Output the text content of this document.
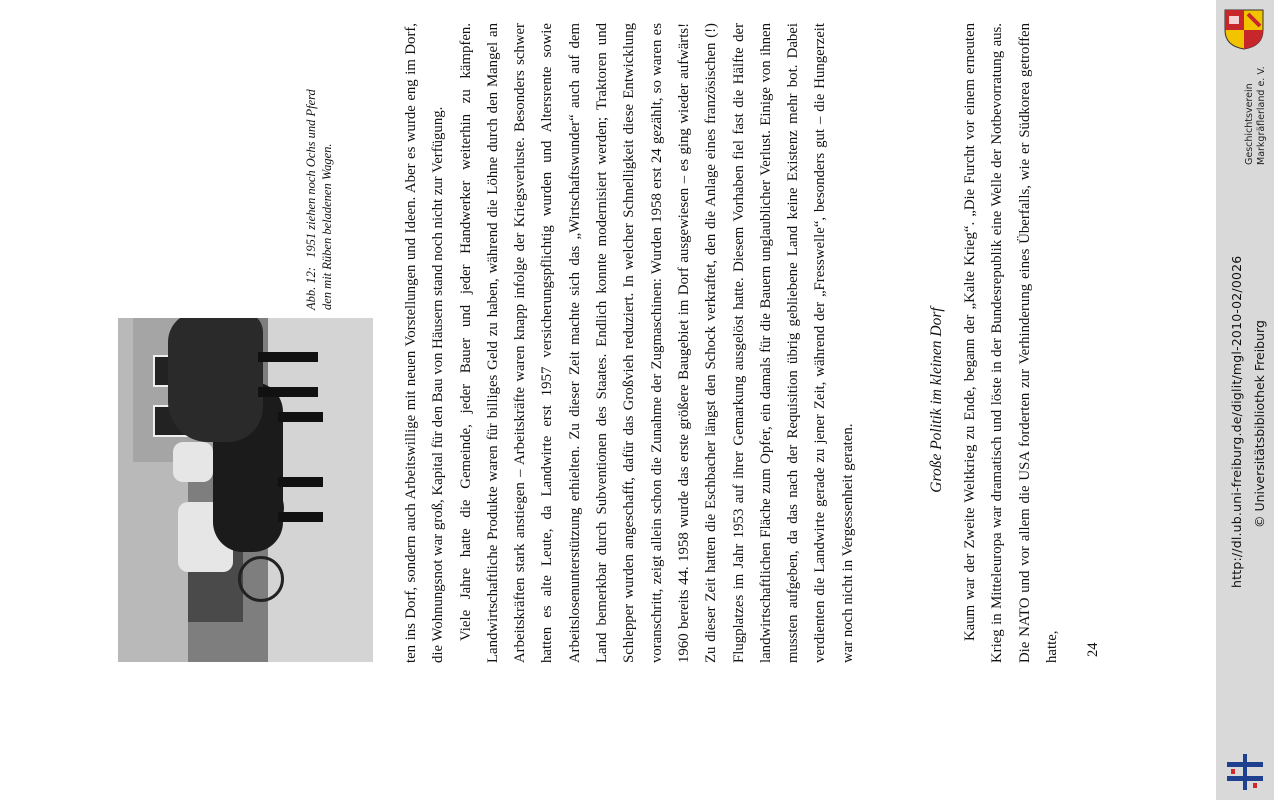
Abb. 12: 1951 ziehen noch Ochs und Pferd den mit Rüben beladenen Wagen.	ten ins Dorf, sondern auch Arbeitswillige mit neuen Vorstellungen und Ideen. Aber es wurde eng im Dorf, die Wohnungsnot war groß, Kapital für den Bau von Häusern stand noch nicht zur Verfügung. Viele Jahre hatte die Gemeinde, jeder Bauer und jeder Handwerker weiterhin zu kämpfen. Landwirtschaftliche Produkte waren für billiges Geld zu haben, während die Löhne durch den Mangel an Arbeitskräften stark anstiegen – Arbeitskräfte waren knapp infolge der Kriegsverluste. Besonders schwer hatten es alte Leute, da Landwirte erst 1957 versicherungspflichtig wurden und Altersrente sowie Arbeitslosenunterstützung erhielten. Zu dieser Zeit machte sich das „Wirtschaftswunder“ auch auf dem Land bemerkbar durch Subventionen des Staates. Endlich konnte modernisiert werden; Traktoren und Schlepper wurden angeschafft, dafür das Großvieh reduziert. In welcher Schnelligkeit diese Entwicklung voranschritt, zeigt allein schon die Zunahme der Zugmaschinen: Wurden 1958 erst 24 gezählt, so waren es 1960 bereits 44. 1958 wurde das erste größere Baugebiet im Dorf ausgewiesen – es ging wieder aufwärts! Zu dieser Zeit hatten die Eschbacher längst den Schock verkraftet, den die Anlage eines französischen (!) Flugplatzes im Jahr 1953 auf ihrer Gemarkung ausgelöst hatte. Diesem Vorhaben fiel fast die Hälfte der landwirtschaftlichen Fläche zum Opfer, ein damals für die Bauern unglaublicher Verlust. Einige von ihnen mussten aufgeben, da das nach der Requisition übrig gebliebene Land keine Existenz mehr bot. Dabei verdienten die Landwirte gerade zu jener Zeit, während der „Fresswelle“, besonders gut – die Hungerzeit war noch nicht in Vergessenheit geraten.

Große Politik im kleinen Dorf	Kaum war der Zweite Weltkrieg zu Ende, begann der „Kalte Krieg“. „Die Furcht vor einem erneuten Krieg in Mitteleuropa war dramatisch und löste in der Bundesrepublik eine Welle der Notbevorratung aus. Die NATO und vor allem die USA forderten zur Verhinderung eines Überfalls, wie er Südkorea getroffen hatte,	24
Geschichtsverein Markgräflerland e. V.
http://dl.ub.uni-freiburg.de/diglit/mgl-2010-02/0026 © Universitätsbibliothek Freiburg
